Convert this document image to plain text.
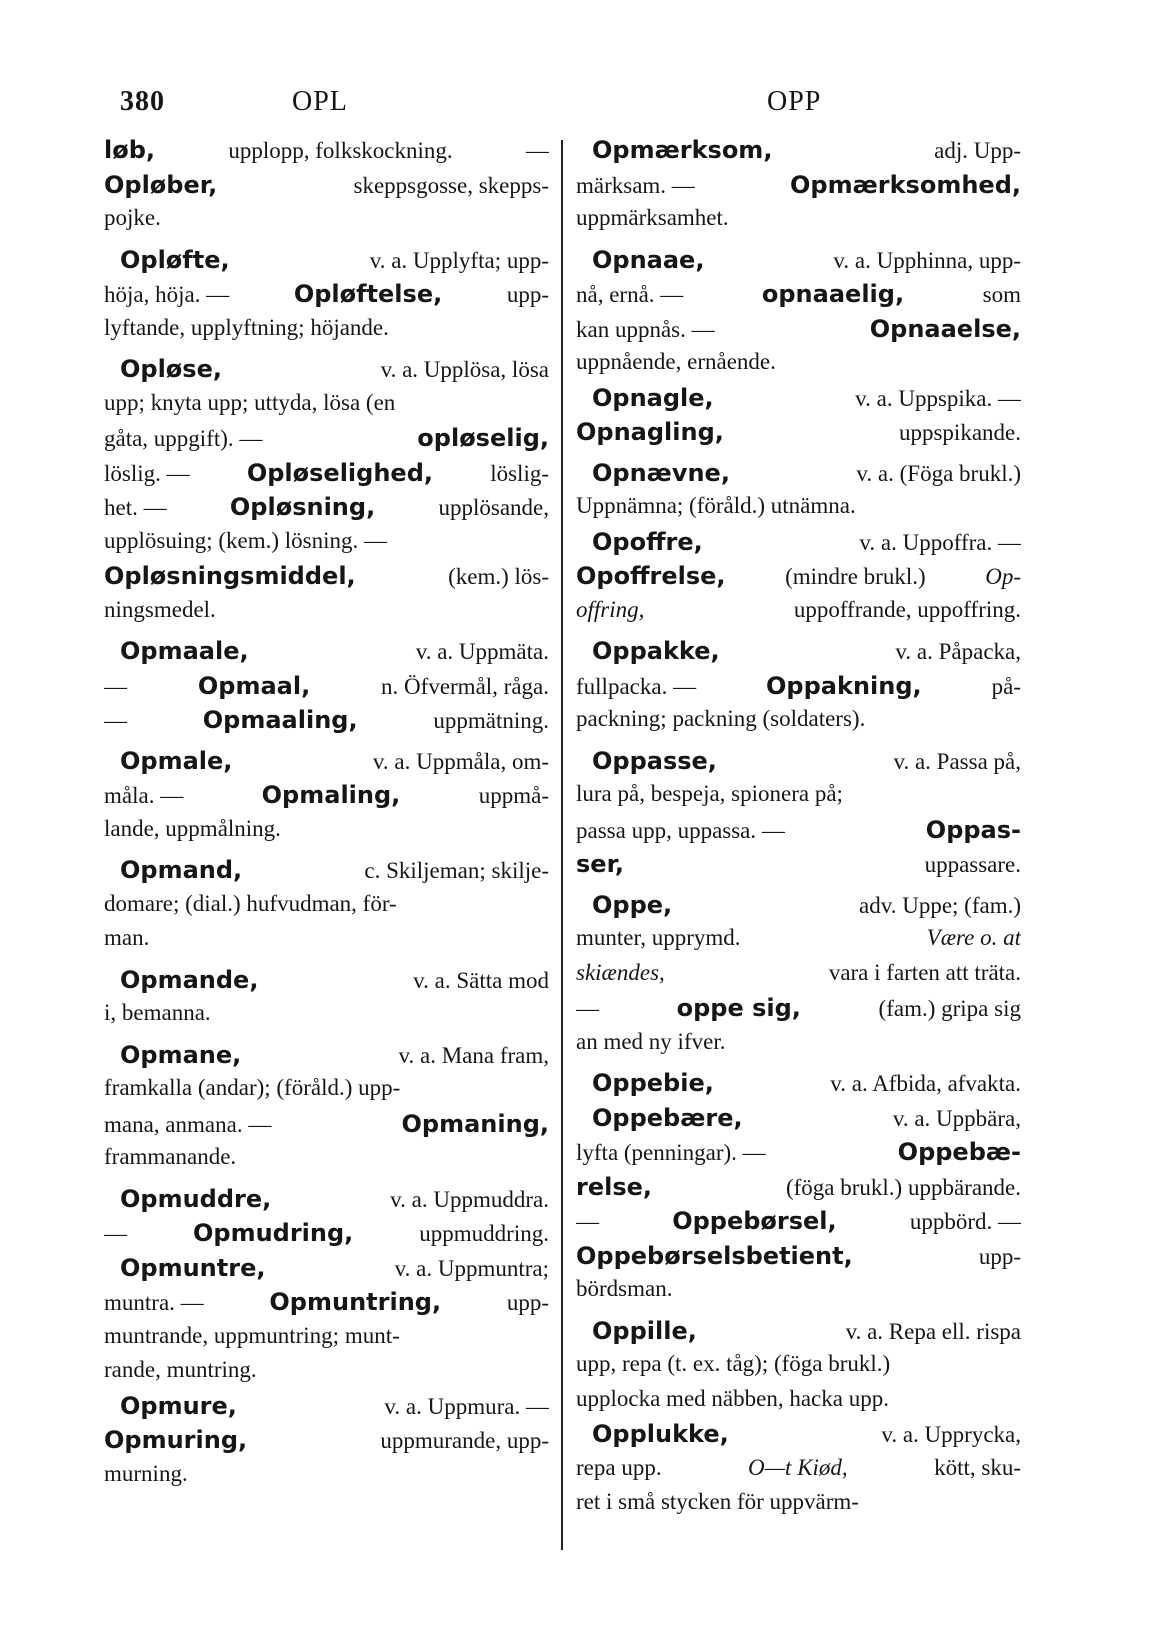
380	OPL	OPP
løb,	upplopp, folkskockning.	—
Opløber,	skeppsgosse, skepps-
pojke.
Opløfte,	v. a. Upplyfta; upp-
höja, höja. —	Opløftelse,	upp-
lyftande, upplyftning; höjande.
Opløse,	v. a. Upplösa, lösa
upp; knyta upp; uttyda, lösa (en
gåta, uppgift). —	opløselig,
löslig. — Opløselighed, löslig-
het. —	Opløsning,	upplösande,
upplösuing; (kem.) lösning. —
Opløsningsmiddel,	(kem.) lös-
ningsmedel.
Opmaale,	v. a. Uppmäta.
—	Opmaal,	n. Öfvermål, råga.
—	Opmaaling,	uppmätning.
Opmale,	v. a. Uppmåla, om-
måla. —	Opmaling,	uppmå-
lande, uppmålning.
Opmand,	c. Skiljeman; skilje-
domare; (dial.) hufvudman, för-
man.
Opmande,	v. a. Sätta mod
i, bemanna.
Opmane,	v. a. Mana fram,
framkalla (andar); (föråld.) upp-
mana, anmana. —	Opmaning,
frammanande.
Opmuddre,	v. a. Uppmuddra.
—	Opmudring,	uppmuddring.
Opmuntre,	v. a. Uppmuntra;
muntra. —	Opmuntring,	upp-
muntrande, uppmuntring; munt-
rande, muntring.
Opmure,	v. a. Uppmura. —
Opmuring,	uppmurande, upp-
murning.
Opmærksom,	adj. Upp-
märksam. —	Opmærksomhed,
uppmärksamhet.
Opnaae,	v. a. Upphinna, upp-
nå, ernå. —	opnaaelig,	som
kan uppnås. —	Opnaaelse,
uppnående, ernående.
Opnagle,	v. a. Uppspika. —
Opnagling,	uppspikande.
Opnævne,	v. a. (Föga brukl.)
Uppnämna; (föråld.) utnämna.
Opoffre,	v. a. Uppoffra. —
Opoffrelse,	(mindre brukl.)	Op-
offring,	uppoffrande, uppoffring.
Oppakke,	v. a. Påpacka,
fullpacka. —	Oppakning,	på-
packning; packning (soldaters).
Oppasse,	v. a. Passa på,
lura på, bespeja, spionera på;
passa upp, uppassa. —	Oppas-
ser,	uppassare.
Oppe,	adv. Uppe; (fam.)
munter, upprymd.	Være o. at
skiændes,	vara i farten att träta.
—	oppe sig,	(fam.) gripa sig
an med ny ifver.
Oppebie,	v. a. Afbida, afvakta.
Oppebære,	v. a. Uppbära,
lyfta (penningar). —	Oppebæ-
relse,	(föga brukl.) uppbärande.
—	Oppebørsel,	uppbörd. —
Oppebørselsbetient,	upp-
bördsman.
Oppille,	v. a. Repa ell. rispa
upp, repa (t. ex. tåg); (föga brukl.)
upplocka med näbben, hacka upp.
Opplukke,	v. a. Upprycka,
repa upp.	O—t Kiød,	kött, sku-
ret i små stycken för uppvärm-
